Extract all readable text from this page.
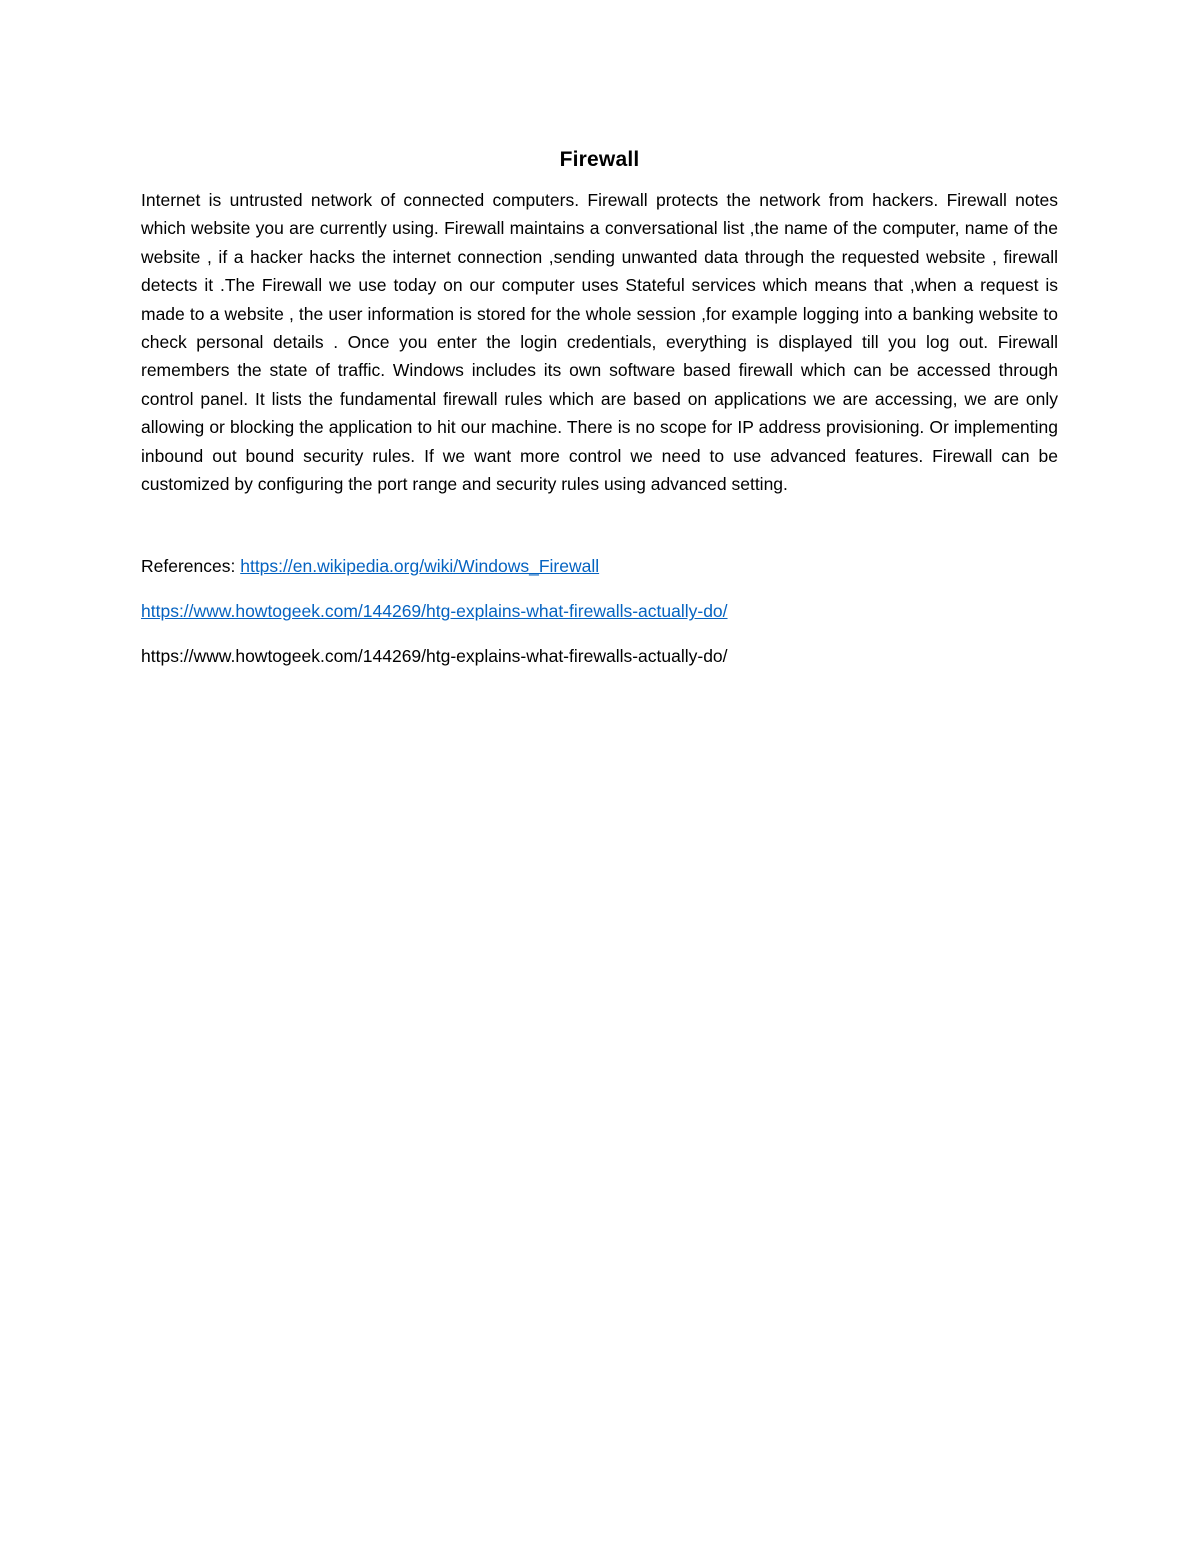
Firewall

Internet is untrusted network of connected computers. Firewall protects the network from hackers. Firewall notes which website you are currently using. Firewall maintains a conversational list ,the name of the computer, name of the website , if a hacker hacks the internet connection ,sending unwanted data through the requested website , firewall detects it .The Firewall we use today on our computer uses Stateful services which means that ,when a request is made to a website , the user information is stored for the whole session ,for example logging into a banking website to check personal details . Once you enter the login credentials, everything is displayed till you log out. Firewall remembers the state of traffic. Windows includes its own software based firewall which can be accessed through control panel. It lists the fundamental firewall rules which are based on applications we are accessing, we are only allowing or blocking the application to hit our machine. There is no scope for IP address provisioning. Or implementing inbound out bound security rules. If we want more control we need to use advanced features. Firewall can be customized by configuring the port range and security rules using advanced setting.

References: https://en.wikipedia.org/wiki/Windows_Firewall
https://www.howtogeek.com/144269/htg-explains-what-firewalls-actually-do/
https://www.howtogeek.com/144269/htg-explains-what-firewalls-actually-do/
